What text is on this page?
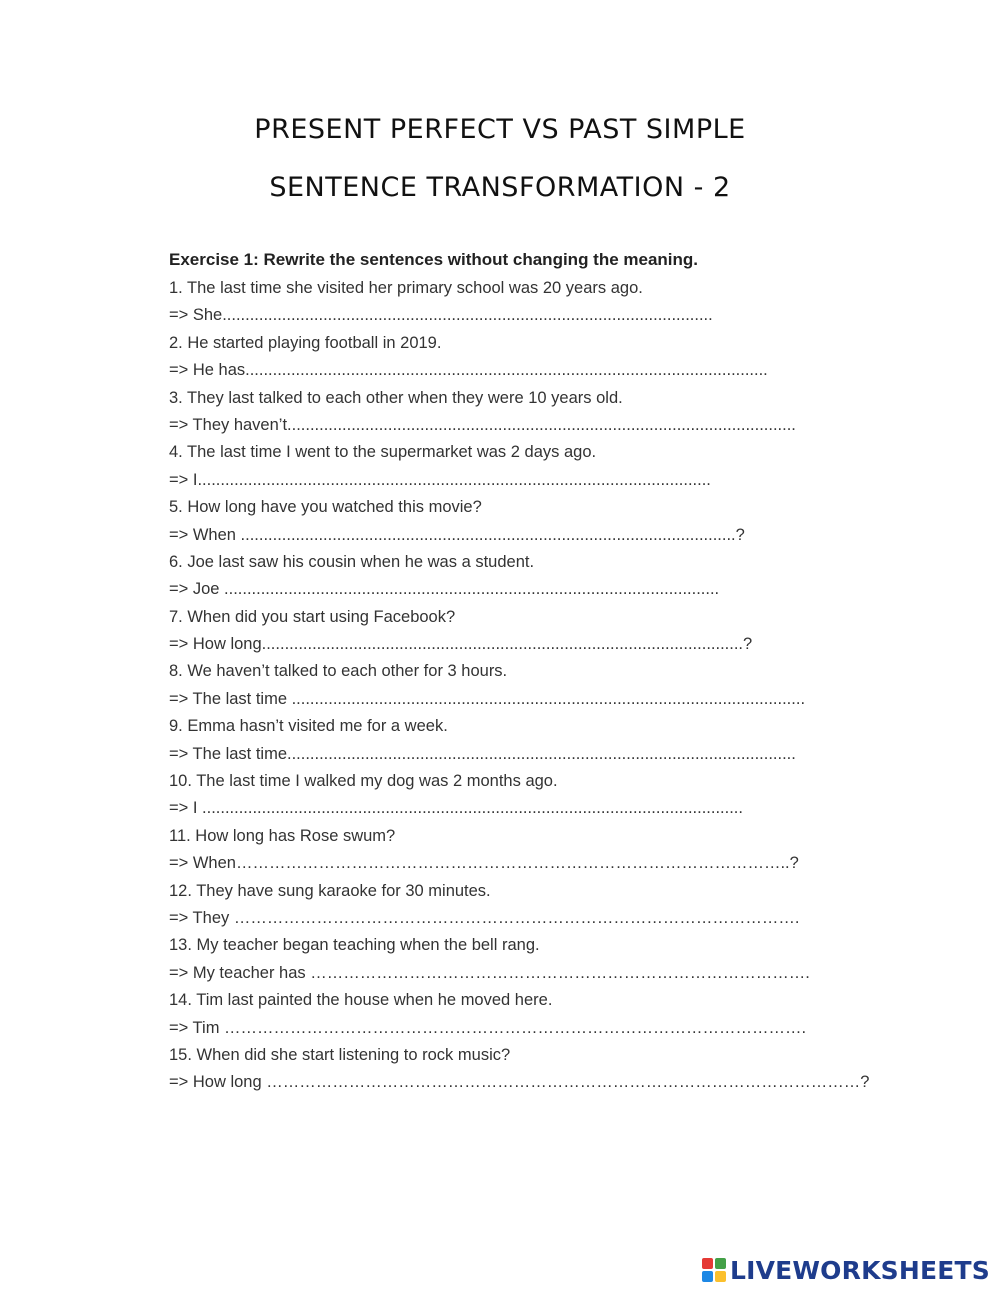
PRESENT PERFECT VS PAST SIMPLE
SENTENCE TRANSFORMATION - 2
Exercise 1: Rewrite the sentences without changing the meaning.
1. The last time she visited her primary school was 20 years ago.
=> She...........................................................................................................
2. He started playing football in 2019.
=> He has..................................................................................................................
3. They last talked to each other when they were 10 years old.
=> They haven’t...............................................................................................................
4. The last time I went to the supermarket was 2 days ago.
=> I................................................................................................................
5. How long have you watched this movie?
=> When ............................................................................................................?
6. Joe last saw his cousin when he was a student.
=> Joe ............................................................................................................
7. When did you start using Facebook?
=> How long.........................................................................................................?
8. We haven’t talked to each other for 3 hours.
=> The last time ................................................................................................................
9. Emma hasn’t visited me for a week.
=> The last time...............................................................................................................
10. The last time I walked my dog was 2 months ago.
=> I ......................................................................................................................
11. How long has Rose swum?
=> When………………………………………………………………………………………..?
12. They have sung karaoke for 30 minutes.
=> They ………………………………………………………………………………………….
13. My teacher began teaching when the bell rang.
=> My teacher has ……………………………………………………………………………….
14. Tim last painted the house when he moved here.
=> Tim …………………………………………………………………………………………….
15. When did she start listening to rock music?
=> How long ………………………………………………………………………………………………?
LIVEWORKSHEETS
